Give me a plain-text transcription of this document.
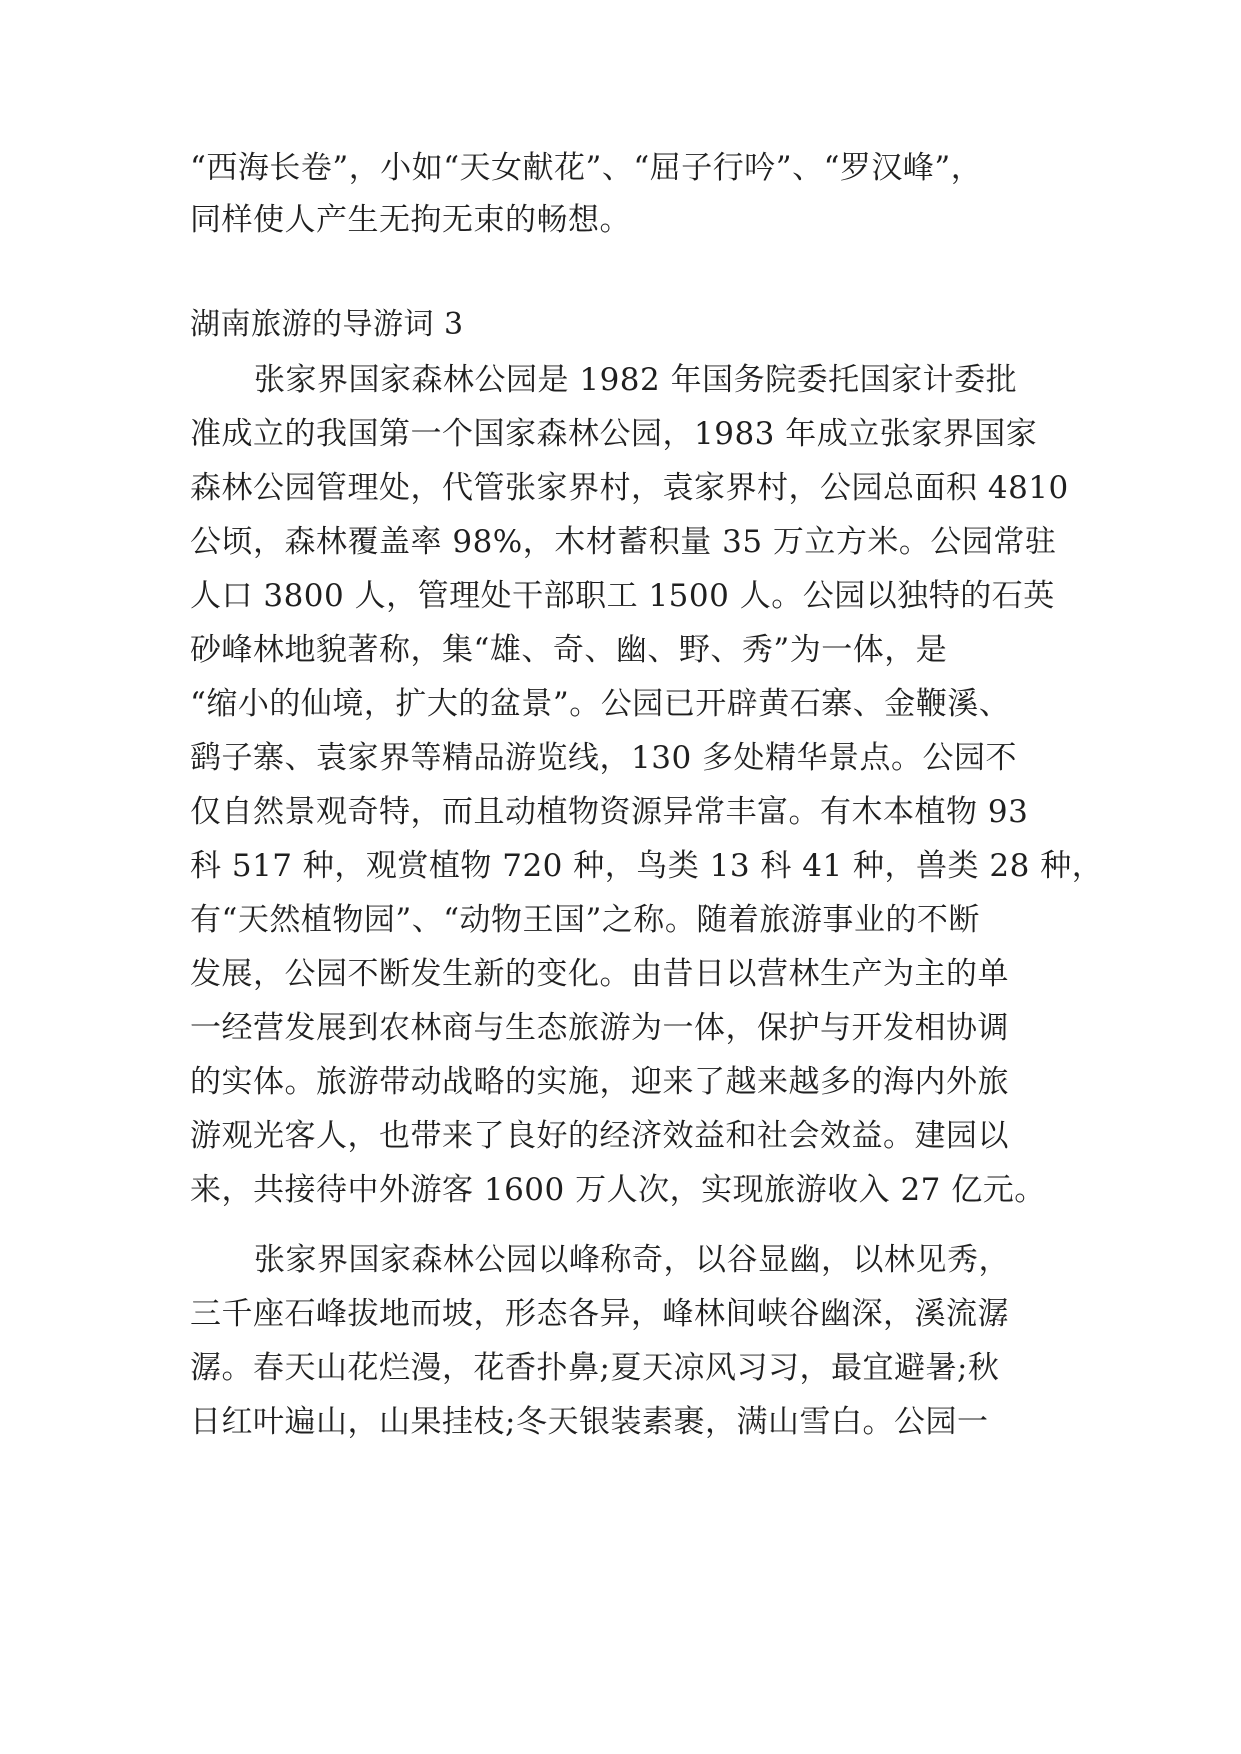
“西海长卷”，小如“天女献花”、“屈子行吟”、“罗汉峰”，
同样使人产生无拘无束的畅想。
湖南旅游的导游词 3
张家界国家森林公园是 1982 年国务院委托国家计委批
准成立的我国第一个国家森林公园，1983 年成立张家界国家
森林公园管理处，代管张家界村，袁家界村，公园总面积 4810
公顷，森林覆盖率 98%，木材蓄积量 35 万立方米。公园常驻
人口 3800 人，管理处干部职工 1500 人。公园以独特的石英
砂峰林地貌著称，集“雄、奇、幽、野、秀”为一体，是
“缩小的仙境，扩大的盆景”。公园已开辟黄石寨、金鞭溪、
鹞子寨、袁家界等精品游览线，130 多处精华景点。公园不
仅自然景观奇特，而且动植物资源异常丰富。有木本植物 93
科 517 种，观赏植物 720 种，鸟类 13 科 41 种，兽类 28 种，
有“天然植物园”、“动物王国”之称。随着旅游事业的不断
发展，公园不断发生新的变化。由昔日以营林生产为主的单
一经营发展到农林商与生态旅游为一体，保护与开发相协调
的实体。旅游带动战略的实施，迎来了越来越多的海内外旅
游观光客人，也带来了良好的经济效益和社会效益。建园以
来，共接待中外游客 1600 万人次，实现旅游收入 27 亿元。
张家界国家森林公园以峰称奇，以谷显幽，以林见秀，
三千座石峰拔地而坡，形态各异，峰林间峡谷幽深，溪流潺
潺。春天山花烂漫，花香扑鼻;夏天凉风习习，最宜避暑;秋
日红叶遍山，山果挂枝;冬天银装素裹，满山雪白。公园一
